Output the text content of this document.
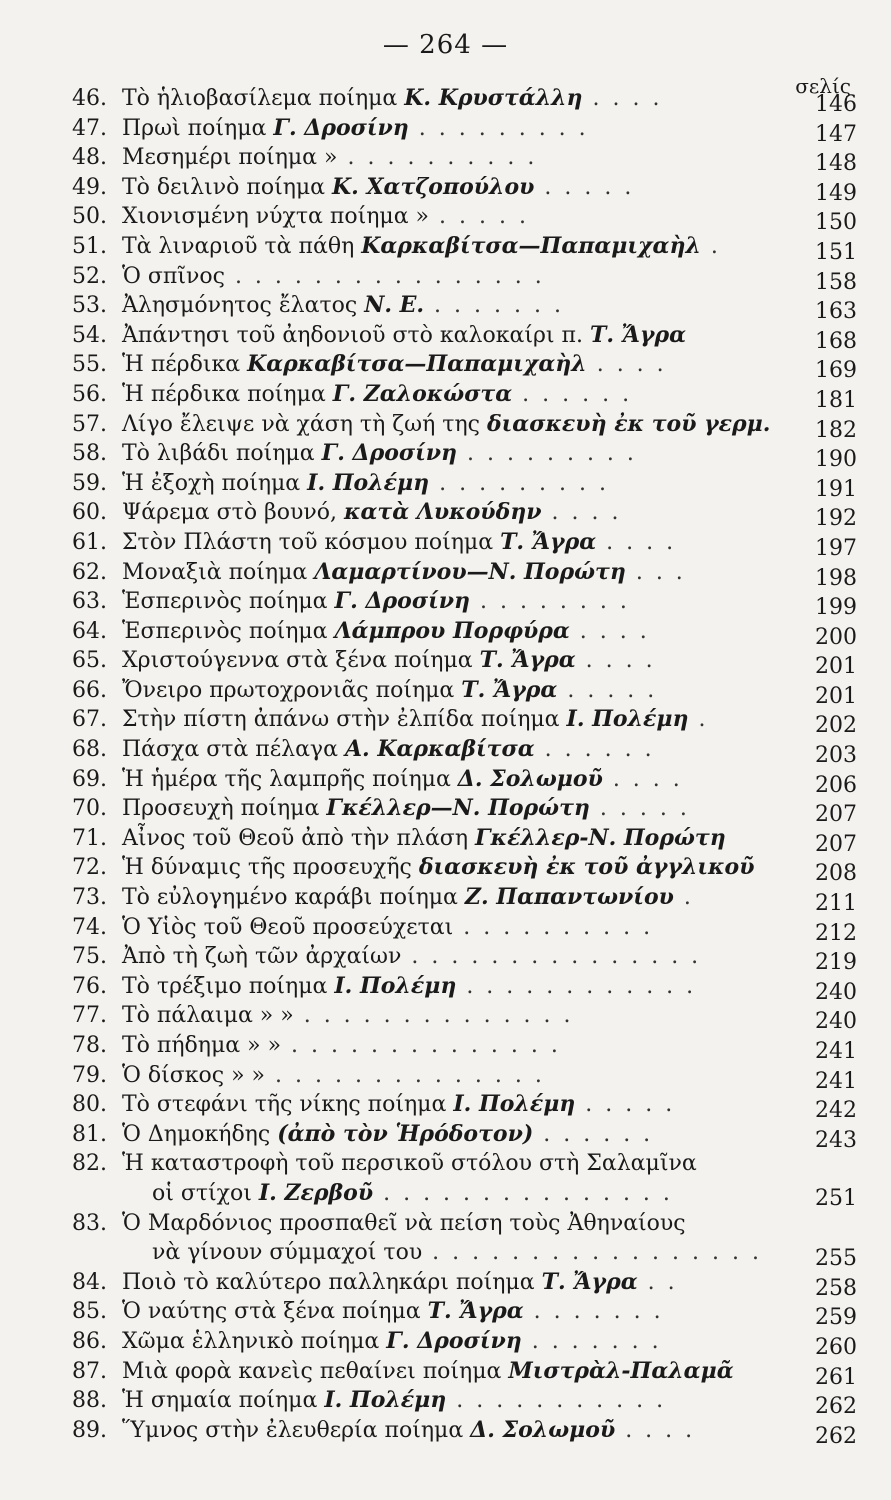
— 264 —
σελίς
46. Τὸ ἡλιοβασίλεμα ποίημα Κ. Κρυστάλλη . . . .	146
47. Πρωὶ ποίημα Γ. Δροσίνη . . . . . . . . .	147
48. Μεσημέρι ποίημα » . . . . . . . . . .	148
49. Τὸ δειλινὸ ποίημα Κ. Χατζοπούλου . . . . .	149
50. Χιονισμένη νύχτα ποίημα » . . . . .	150
51. Τὰ λιναριοῦ τὰ πάθη Καρκαβίτσα—Παπαμιχαὴλ .	151
52. Ὁ σπῖνος . . . . . . . . . . . . . . . .	158
53. Ἀλησμόνητος ἔλατος Ν. Ε. . . . . . . .	163
54. Ἀπάντησι τοῦ ἀηδονιοῦ στὸ καλοκαίρι π. Τ. Ἄγρα	168
55. Ἡ πέρδικα Καρκαβίτσα—Παπαμιχαὴλ . . . .	169
56. Ἡ πέρδικα ποίημα Γ. Ζαλοκώστα . . . . . .	181
57. Λίγο ἔλειψε νὰ χάση τὴ ζωή της διασκευὴ ἐκ τοῦ γερμ.	182
58. Τὸ λιβάδι ποίημα Γ. Δροσίνη . . . . . . . . .	190
59. Ἡ ἐξοχὴ ποίημα Ι. Πολέμη . . . . . . . . .	191
60. Ψάρεμα στὸ βουνό, κατὰ Λυκούδην . . . .	192
61. Στὸν Πλάστη τοῦ κόσμου ποίημα Τ. Ἄγρα . . . .	197
62. Μοναξιὰ ποίημα Λαμαρτίνου—Ν. Πορώτη . . .	198
63. Ἑσπερινὸς ποίημα Γ. Δροσίνη . . . . . . . .	199
64. Ἑσπερινὸς ποίημα Λάμπρου Πορφύρα . . . .	200
65. Χριστούγεννα στὰ ξένα ποίημα Τ. Ἄγρα . . . .	201
66. Ὄνειρο πρωτοχρονιᾶς ποίημα Τ. Ἄγρα . . . . .	201
67. Στὴν πίστη ἀπάνω στὴν ἐλπίδα ποίημα Ι. Πολέμη .	202
68. Πάσχα στὰ πέλαγα Α. Καρκαβίτσα . . . . . .	203
69. Ἡ ἡμέρα τῆς λαμπρῆς ποίημα Δ. Σολωμοῦ . . . .	206
70. Προσευχὴ ποίημα Γκέλλερ—Ν. Πορώτη . . . . .	207
71. Αἶνος τοῦ Θεοῦ ἀπὸ τὴν πλάση Γκέλλερ-Ν. Πορώτη	207
72. Ἡ δύναμις τῆς προσευχῆς διασκευὴ ἐκ τοῦ ἀγγλικοῦ	208
73. Τὸ εὐλογημένο καράβι ποίημα Ζ. Παπαντωνίου .	211
74. Ὁ Υἱὸς τοῦ Θεοῦ προσεύχεται . . . . . . . . . .	212
75. Ἀπὸ τὴ ζωὴ τῶν ἀρχαίων . . . . . . . . . . . . . . .	219
76. Τὸ τρέξιμο ποίημα Ι. Πολέμη . . . . . . . . . . . .	240
77. Τὸ πάλαιμα » » . . . . . . . . . . . . . .	240
78. Τὸ πήδημα » » . . . . . . . . . . . . . .	241
79. Ὁ δίσκος » » . . . . . . . . . . . . . .	241
80. Τὸ στεφάνι τῆς νίκης ποίημα Ι. Πολέμη . . . . .	242
81. Ὁ Δημοκήδης (ἀπὸ τὸν Ἡρόδοτον) . . . . . .	243
82. Ἡ καταστροφὴ τοῦ περσικοῦ στόλου στὴ Σαλαμῖνα
οἱ στίχοι Ι. Ζερβοῦ . . . . . . . . . . . . . . .	251
83. Ὁ Μαρδόνιος προσπαθεῖ νὰ πείση τοὺς Ἀθηναίους
νὰ γίνουν σύμμαχοί του . . . . . . . . . . . . . . . . .	255
84. Ποιὸ τὸ καλύτερο παλληκάρι ποίημα Τ. Ἄγρα . .	258
85. Ὁ ναύτης στὰ ξένα ποίημα Τ. Ἄγρα . . . . . . .	259
86. Χῶμα ἑλληνικὸ ποίημα Γ. Δροσίνη . . . . . . .	260
87. Μιὰ φορὰ κανεὶς πεθαίνει ποίημα Μιστρὰλ-Παλαμᾶ	261
88. Ἡ σημαία ποίημα Ι. Πολέμη . . . . . . . . . . .	262
89. Ὕμνος στὴν ἐλευθερία ποίημα Δ. Σολωμοῦ . . . .	262
